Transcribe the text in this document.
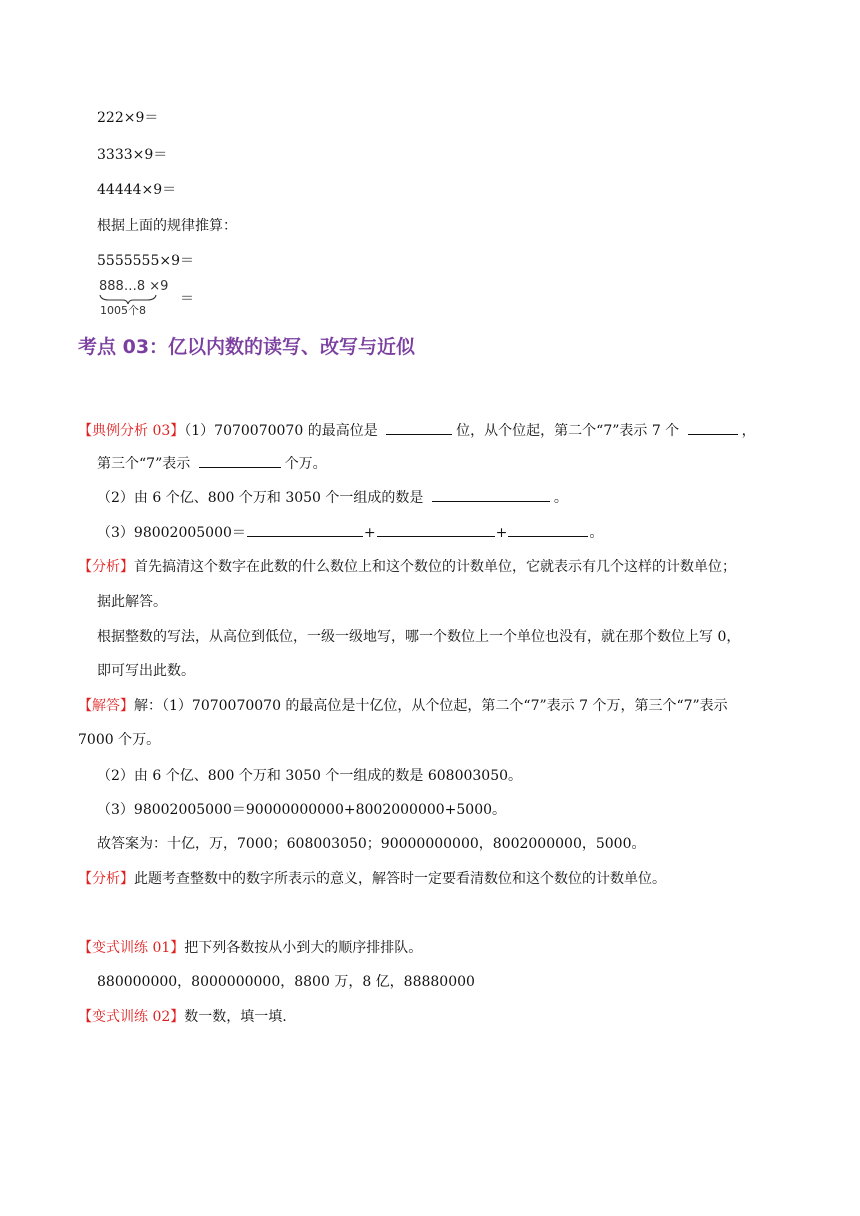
222×9＝
3333×9＝
44444×9＝
根据上面的规律推算：
5555555×9＝
888…8 ×9
1005个8
＝
考点 03：亿以内数的读写、改写与近似
【典例分析 03】（1）7070070070 的最高位是	位，从个位起，第二个“7”表示 7 个	，
第三个“7”表示	个万。
（2）由 6 个亿、800 个万和 3050 个一组成的数是	。
（3）98002005000＝	+	+	。
【分析】首先搞清这个数字在此数的什么数位上和这个数位的计数单位，它就表示有几个这样的计数单位；
据此解答。
根据整数的写法，从高位到低位，一级一级地写，哪一个数位上一个单位也没有，就在那个数位上写 0，
即可写出此数。
【解答】解：（1）7070070070 的最高位是十亿位，从个位起，第二个“7”表示 7 个万，第三个“7”表示
7000 个万。
（2）由 6 个亿、800 个万和 3050 个一组成的数是 608003050。
（3）98002005000＝90000000000+8002000000+5000。
故答案为：十亿，万，7000；608003050；90000000000，8002000000，5000。
【分析】此题考查整数中的数字所表示的意义，解答时一定要看清数位和这个数位的计数单位。
【变式训练 01】把下列各数按从小到大的顺序排排队。
880000000，8000000000，8800 万，8 亿，88880000
【变式训练 02】数一数，填一填.
